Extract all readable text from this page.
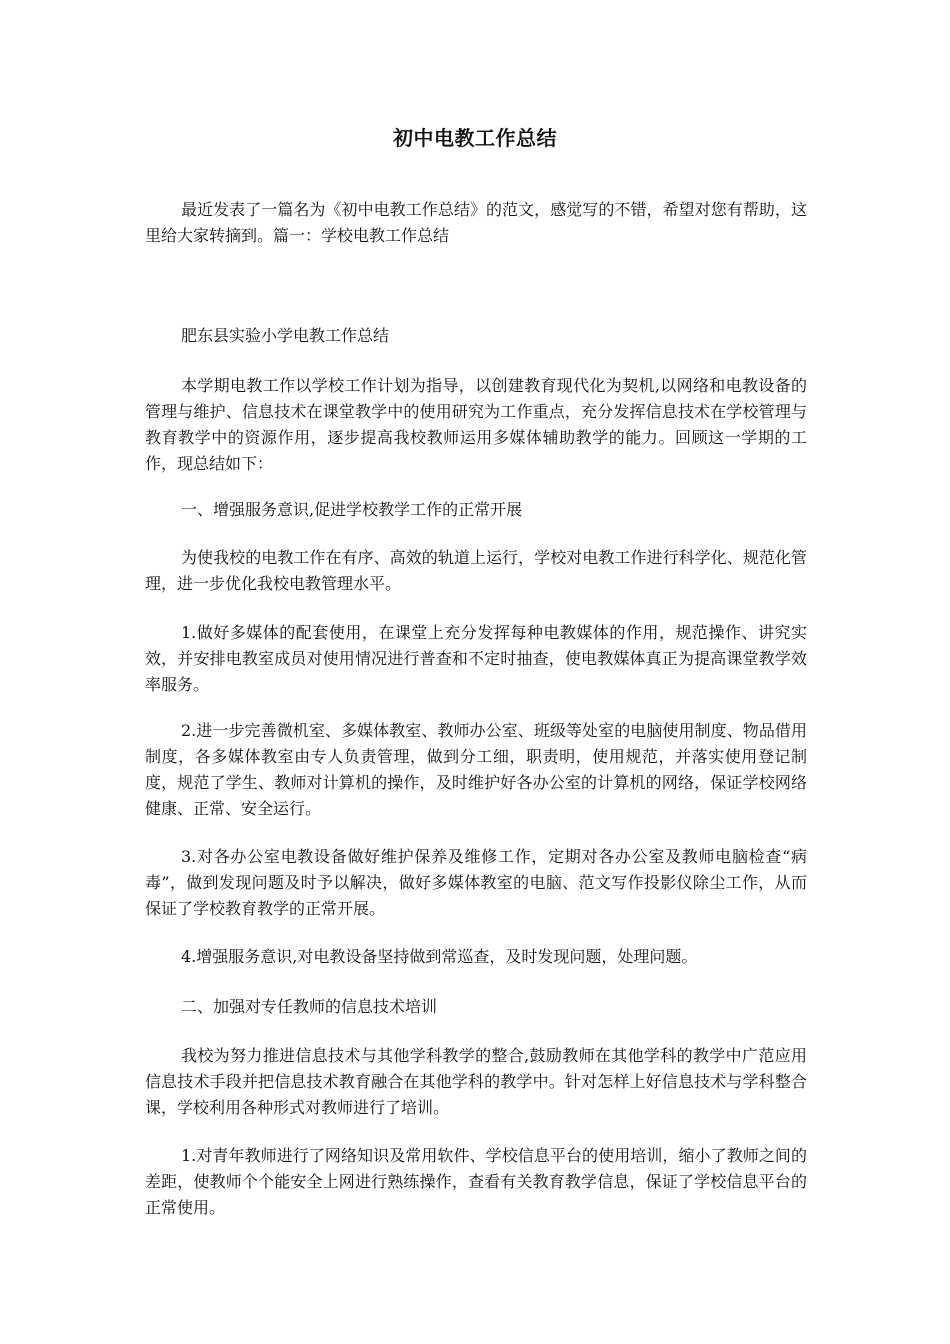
初中电教工作总结

最近发表了一篇名为《初中电教工作总结》的范文，感觉写的不错，希望对您有帮助，这里给大家转摘到。篇一：学校电教工作总结

肥东县实验小学电教工作总结

本学期电教工作以学校工作计划为指导，以创建教育现代化为契机,以网络和电教设备的管理与维护、信息技术在课堂教学中的使用研究为工作重点，充分发挥信息技术在学校管理与教育教学中的资源作用，逐步提高我校教师运用多媒体辅助教学的能力。回顾这一学期的工作，现总结如下：

一、增强服务意识,促进学校教学工作的正常开展

为使我校的电教工作在有序、高效的轨道上运行，学校对电教工作进行科学化、规范化管理，进一步优化我校电教管理水平。

1.做好多媒体的配套使用，在课堂上充分发挥每种电教媒体的作用，规范操作、讲究实效，并安排电教室成员对使用情况进行普查和不定时抽查，使电教媒体真正为提高课堂教学效率服务。

2.进一步完善微机室、多媒体教室、教师办公室、班级等处室的电脑使用制度、物品借用制度，各多媒体教室由专人负责管理，做到分工细，职责明，使用规范，并落实使用登记制度，规范了学生、教师对计算机的操作，及时维护好各办公室的计算机的网络，保证学校网络健康、正常、安全运行。

3.对各办公室电教设备做好维护保养及维修工作，定期对各办公室及教师电脑检查“病毒”，做到发现问题及时予以解决，做好多媒体教室的电脑、范文写作投影仪除尘工作，从而保证了学校教育教学的正常开展。

4.增强服务意识,对电教设备坚持做到常巡查，及时发现问题，处理问题。

二、加强对专任教师的信息技术培训

我校为努力推进信息技术与其他学科教学的整合,鼓励教师在其他学科的教学中广范应用信息技术手段并把信息技术教育融合在其他学科的教学中。针对怎样上好信息技术与学科整合课，学校利用各种形式对教师进行了培训。

1.对青年教师进行了网络知识及常用软件、学校信息平台的使用培训，缩小了教师之间的差距，使教师个个能安全上网进行熟练操作，查看有关教育教学信息，保证了学校信息平台的正常使用。
